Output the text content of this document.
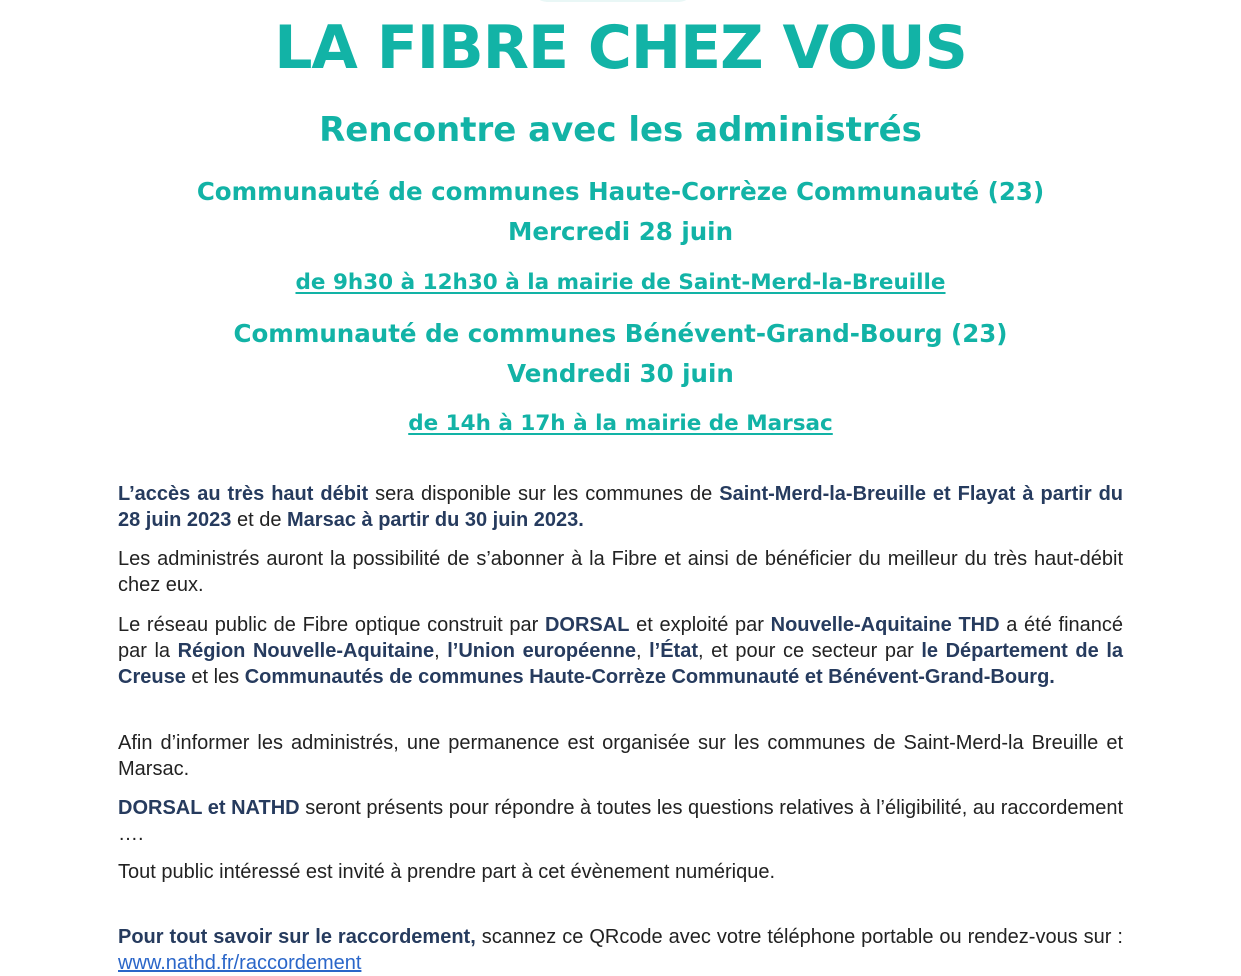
LA FIBRE CHEZ VOUS
Rencontre avec les administrés
Communauté de communes Haute-Corrèze Communauté (23)
Mercredi 28 juin
de 9h30 à 12h30 à la mairie de Saint-Merd-la-Breuille
Communauté de communes Bénévent-Grand-Bourg (23)
Vendredi 30 juin
de 14h à 17h à la mairie de Marsac

L’accès au très haut débit sera disponible sur les communes de Saint-Merd-la-Breuille et Flayat à partir du 28 juin 2023 et de Marsac à partir du 30 juin 2023.

Les administrés auront la possibilité de s’abonner à la Fibre et ainsi de bénéficier du meilleur du très haut-débit chez eux.

Le réseau public de Fibre optique construit par DORSAL et exploité par Nouvelle-Aquitaine THD a été financé par la Région Nouvelle-Aquitaine, l’Union européenne, l’État, et pour ce secteur par le Département de la Creuse et les Communautés de communes Haute-Corrèze Communauté et Bénévent-Grand-Bourg.

Afin d’informer les administrés, une permanence est organisée sur les communes de Saint-Merd-la Breuille et Marsac.

DORSAL et NATHD seront présents pour répondre à toutes les questions relatives à l’éligibilité, au raccordement ….

Tout public intéressé est invité à prendre part à cet évènement numérique.

Pour tout savoir sur le raccordement, scannez ce QRcode avec votre téléphone portable ou rendez-vous sur : www.nathd.fr/raccordement
